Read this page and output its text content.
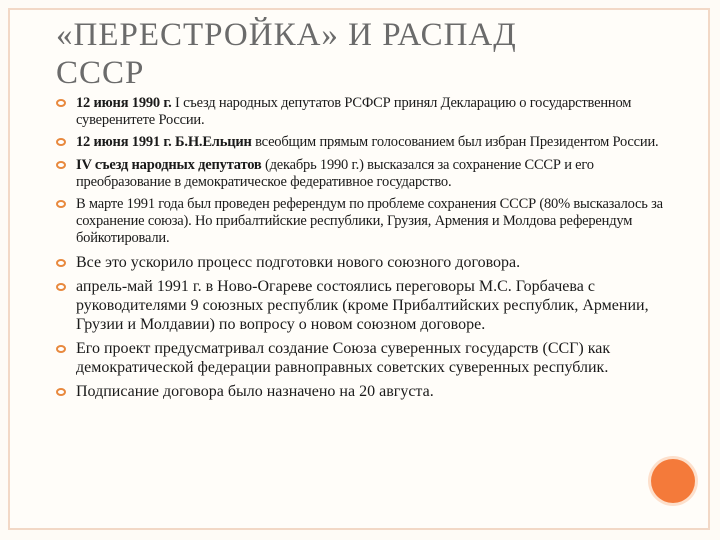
«ПЕРЕСТРОЙКА» И РАСПАД
СССР
12 июня 1990 г. I съезд народных депутатов РСФСР принял Декларацию о государственном суверенитете России.
12 июня 1991 г. Б.Н.Ельцин всеобщим прямым голосованием был избран Президентом России.
IV съезд народных депутатов (декабрь 1990 г.) высказался за сохранение СССР и его преобразование в демократическое федеративное государство.
В марте 1991 года был проведен референдум по проблеме сохранения СССР (80% высказалось за сохранение союза). Но прибалтийские республики, Грузия, Армения и Молдова референдум бойкотировали.
Все это ускорило процесс подготовки нового союзного договора.
апрель-май 1991 г. в Ново-Огареве состоялись переговоры М.С. Горбачева с руководителями 9 союзных республик (кроме Прибалтийских республик, Армении, Грузии и Молдавии) по вопросу о новом союзном договоре.
Его проект предусматривал создание Союза суверенных государств (ССГ) как демократической федерации равноправных советских суверенных республик.
Подписание договора было назначено на 20 августа.
